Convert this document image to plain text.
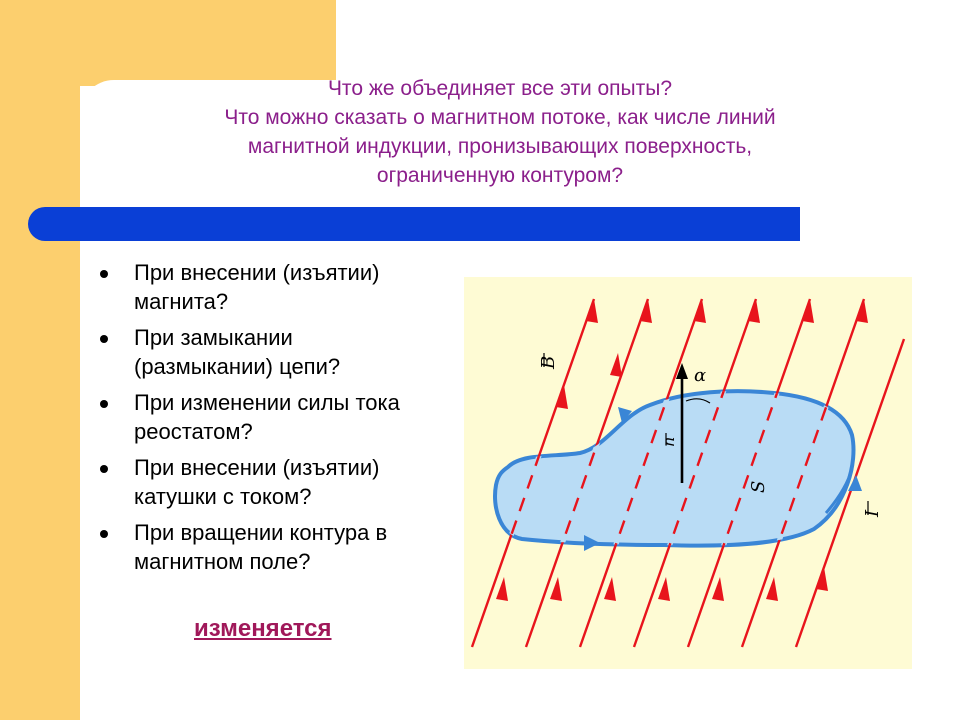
Что же объединяет все эти опыты?
Что можно сказать о магнитном потоке, как числе линий
магнитной индукции, пронизывающих поверхность,
ограниченную контуром?
При внесении (изъятии)
магнита?
При замыкании
(размыкании) цепи?
При изменении силы тока
реостатом?
При внесении (изъятии)
катушки с током?
При вращении контура в
магнитном поле?
изменяется
α
B
n
S
I
